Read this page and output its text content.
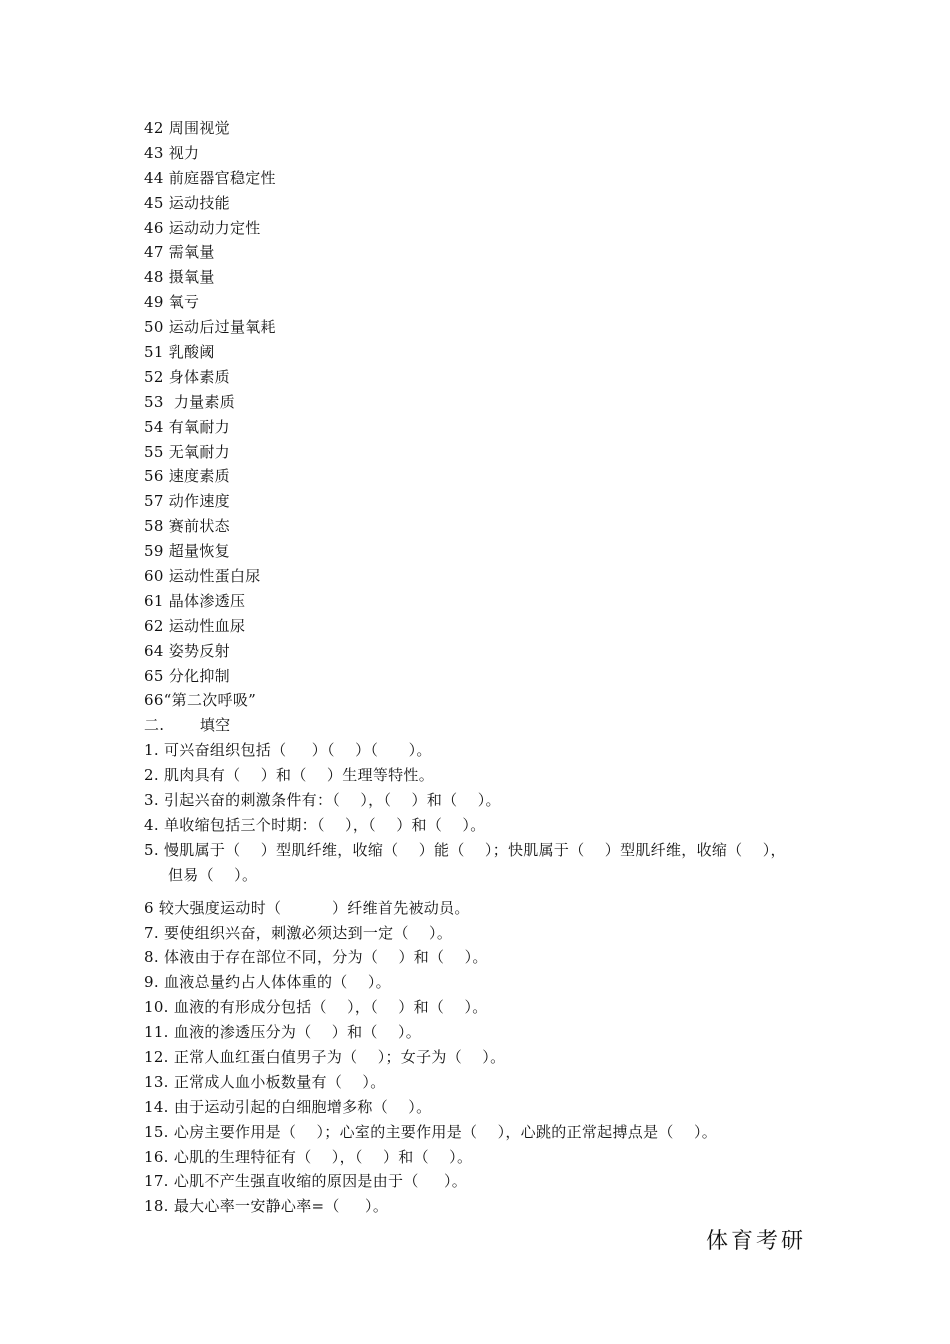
42 周围视觉
43 视力
44 前庭器官稳定性
45 运动技能
46 运动动力定性
47 需氧量
48 摄氧量
49 氧亏
50 运动后过量氧耗
51 乳酸阈
52 身体素质
53  力量素质
54 有氧耐力
55 无氧耐力
56 速度素质
57 动作速度
58 赛前状态
59 超量恢复
60 运动性蛋白尿
61 晶体渗透压
62 运动性血尿
64 姿势反射
65 分化抑制
66“第二次呼吸”
二.       填空
1. 可兴奋组织包括（     ）（    ）（      ）。
2. 肌肉具有（    ）和（    ）生理等特性。
3. 引起兴奋的刺激条件有：（    ），（    ）和（    ）。
4. 单收缩包括三个时期：（    ），（    ）和（    ）。
5. 慢肌属于（    ）型肌纤维，收缩（    ）能（    ）；快肌属于（    ）型肌纤维，收缩（    ），
但易（    ）。
6 较大强度运动时（          ）纤维首先被动员。
7. 要使组织兴奋，刺激必须达到一定（    ）。
8. 体液由于存在部位不同，分为（    ）和（    ）。
9. 血液总量约占人体体重的（    ）。
10. 血液的有形成分包括（    ），（    ）和（    ）。
11. 血液的渗透压分为（    ）和（    ）。
12. 正常人血红蛋白值男子为（    ）；女子为（    ）。
13. 正常成人血小板数量有（    ）。
14. 由于运动引起的白细胞增多称（    ）。
15. 心房主要作用是（    ）；心室的主要作用是（    ），心跳的正常起搏点是（    ）。
16. 心肌的生理特征有（    ），（    ）和（    ）。
17. 心肌不产生强直收缩的原因是由于（     ）。
18. 最大心率一安静心率=（     ）。
体育考研
